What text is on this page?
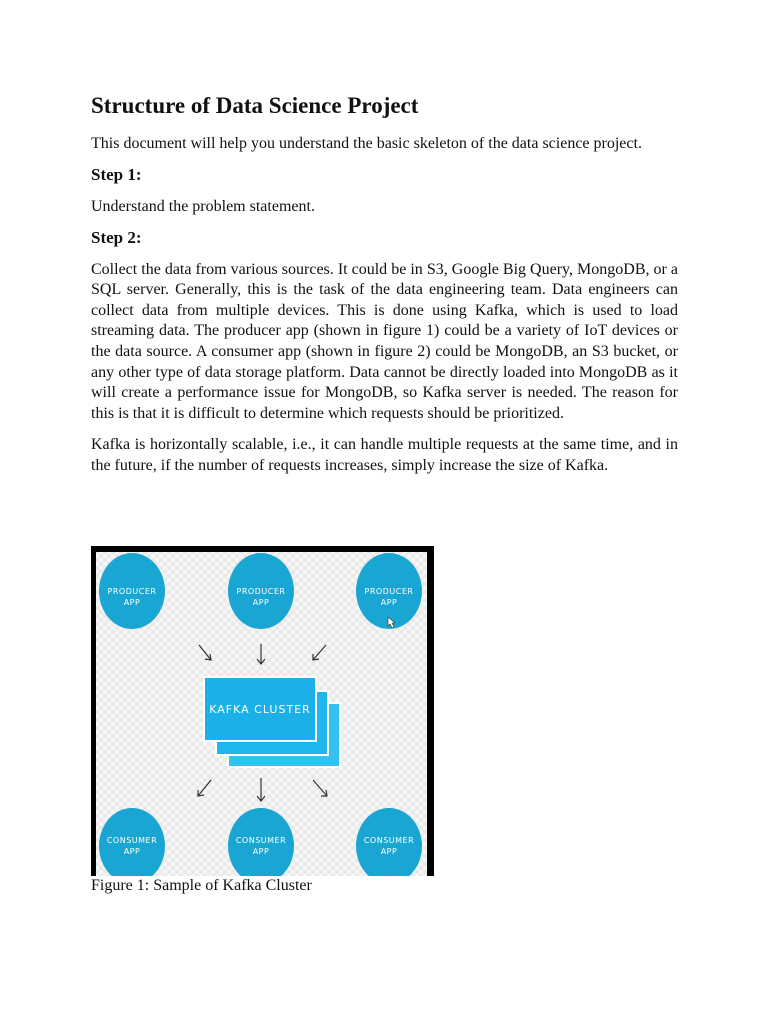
Structure of Data Science Project

This document will help you understand the basic skeleton of the data science project.

Step 1:

Understand the problem statement.

Step 2:

Collect the data from various sources. It could be in S3, Google Big Query, MongoDB, or a SQL server. Generally, this is the task of the data engineering team. Data engineers can collect data from multiple devices. This is done using Kafka, which is used to load streaming data. The producer app (shown in figure 1) could be a variety of IoT devices or the data source. A consumer app (shown in figure 2) could be MongoDB, an S3 bucket, or any other type of data storage platform. Data cannot be directly loaded into MongoDB as it will create a performance issue for MongoDB, so Kafka server is needed. The reason for this is that it is difficult to determine which requests should be prioritized.

Kafka is horizontally scalable, i.e., it can handle multiple requests at the same time, and in the future, if the number of requests increases, simply increase the size of Kafka.

PRODUCER
APP
PRODUCER
APP
PRODUCER
APP
KAFKA CLUSTER
CONSUMER
APP
CONSUMER
APP
CONSUMER
APP
Figure 1: Sample of Kafka Cluster
